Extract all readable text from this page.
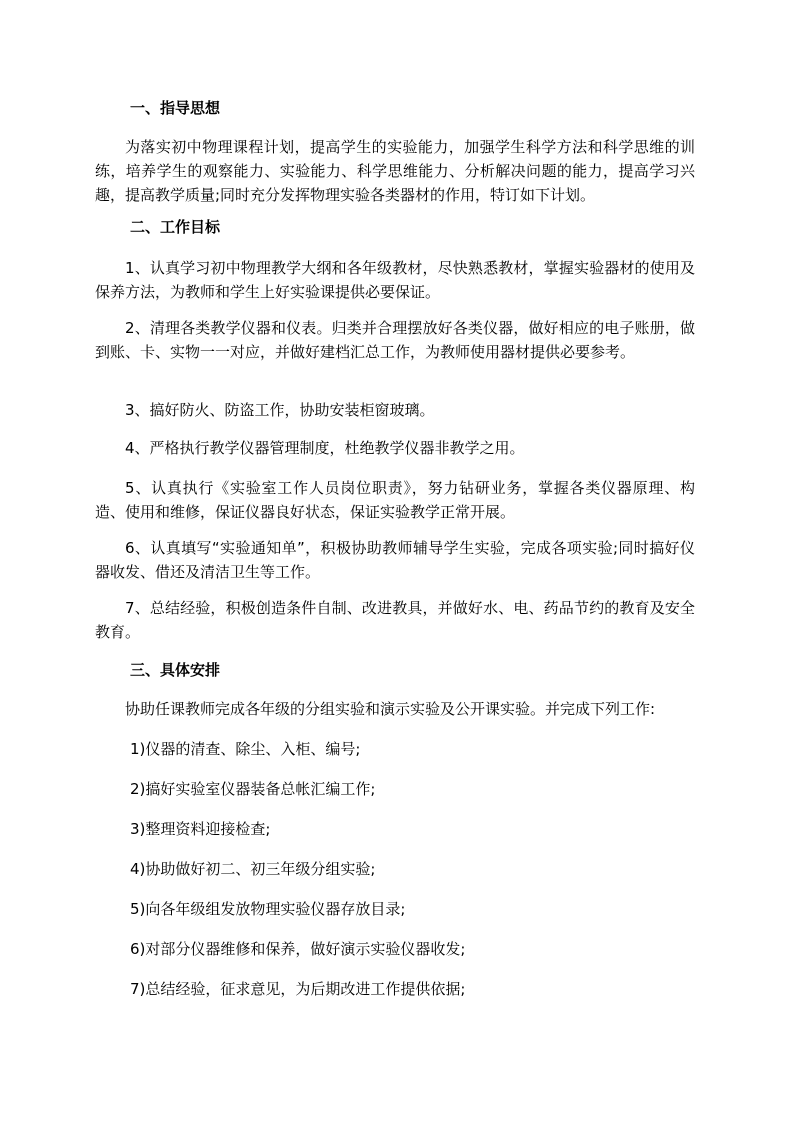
一、指导思想
为落实初中物理课程计划，提高学生的实验能力，加强学生科学方法和科学思维的训练，培养学生的观察能力、实验能力、科学思维能力、分析解决问题的能力，提高学习兴趣，提高教学质量;同时充分发挥物理实验各类器材的作用，特订如下计划。
二、工作目标
1、认真学习初中物理教学大纲和各年级教材，尽快熟悉教材，掌握实验器材的使用及保养方法，为教师和学生上好实验课提供必要保证。
2、清理各类教学仪器和仪表。归类并合理摆放好各类仪器，做好相应的电子账册，做到账、卡、实物一一对应，并做好建档汇总工作，为教师使用器材提供必要参考。
3、搞好防火、防盗工作，协助安装柜窗玻璃。
4、严格执行教学仪器管理制度，杜绝教学仪器非教学之用。
5、认真执行《实验室工作人员岗位职责》，努力钻研业务，掌握各类仪器原理、构造、使用和维修，保证仪器良好状态，保证实验教学正常开展。
6、认真填写“实验通知单”，积极协助教师辅导学生实验，完成各项实验;同时搞好仪器收发、借还及清洁卫生等工作。
7、总结经验，积极创造条件自制、改进教具，并做好水、电、药品节约的教育及安全教育。
三、具体安排
协助任课教师完成各年级的分组实验和演示实验及公开课实验。并完成下列工作:
1)仪器的清查、除尘、入柜、编号;
2)搞好实验室仪器装备总帐汇编工作;
3)整理资料迎接检查;
4)协助做好初二、初三年级分组实验;
5)向各年级组发放物理实验仪器存放目录;
6)对部分仪器维修和保养，做好演示实验仪器收发;
7)总结经验，征求意见，为后期改进工作提供依据;
